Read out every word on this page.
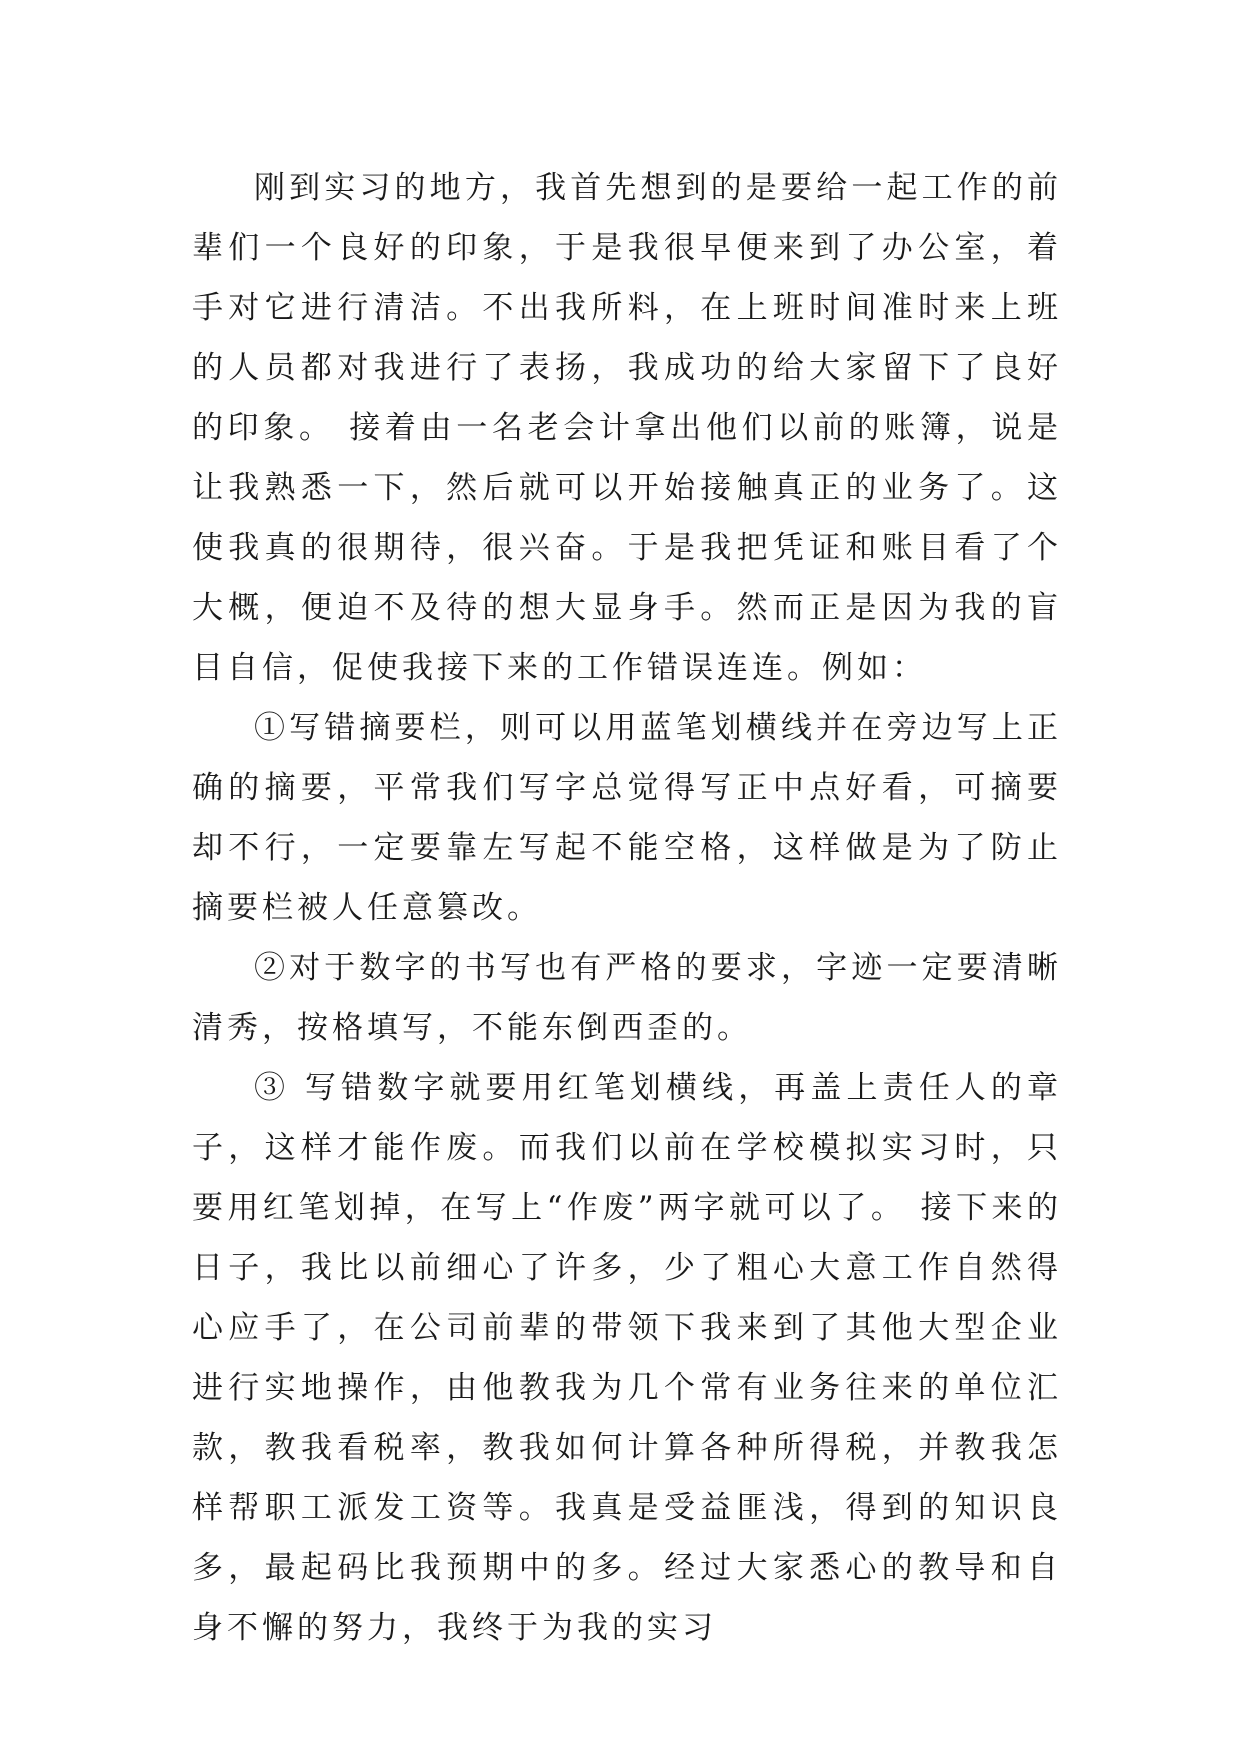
刚到实习的地方，我首先想到的是要给一起工作的前辈们一个良好的印象，于是我很早便来到了办公室，着手对它进行清洁。不出我所料，在上班时间准时来上班的人员都对我进行了表扬，我成功的给大家留下了良好的印象。 接着由一名老会计拿出他们以前的账簿，说是让我熟悉一下，然后就可以开始接触真正的业务了。这使我真的很期待，很兴奋。于是我把凭证和账目看了个大概，便迫不及待的想大显身手。然而正是因为我的盲目自信，促使我接下来的工作错误连连。例如：

①写错摘要栏，则可以用蓝笔划横线并在旁边写上正确的摘要，平常我们写字总觉得写正中点好看，可摘要却不行，一定要靠左写起不能空格，这样做是为了防止摘要栏被人任意篡改。

②对于数字的书写也有严格的要求，字迹一定要清晰清秀，按格填写，不能东倒西歪的。

③ 写错数字就要用红笔划横线，再盖上责任人的章子，这样才能作废。而我们以前在学校模拟实习时，只要用红笔划掉，在写上“作废”两字就可以了。 接下来的日子，我比以前细心了许多，少了粗心大意工作自然得心应手了，在公司前辈的带领下我来到了其他大型企业进行实地操作，由他教我为几个常有业务往来的单位汇款，教我看税率，教我如何计算各种所得税，并教我怎样帮职工派发工资等。我真是受益匪浅，得到的知识良多，最起码比我预期中的多。经过大家悉心的教导和自身不懈的努力，我终于为我的实习
